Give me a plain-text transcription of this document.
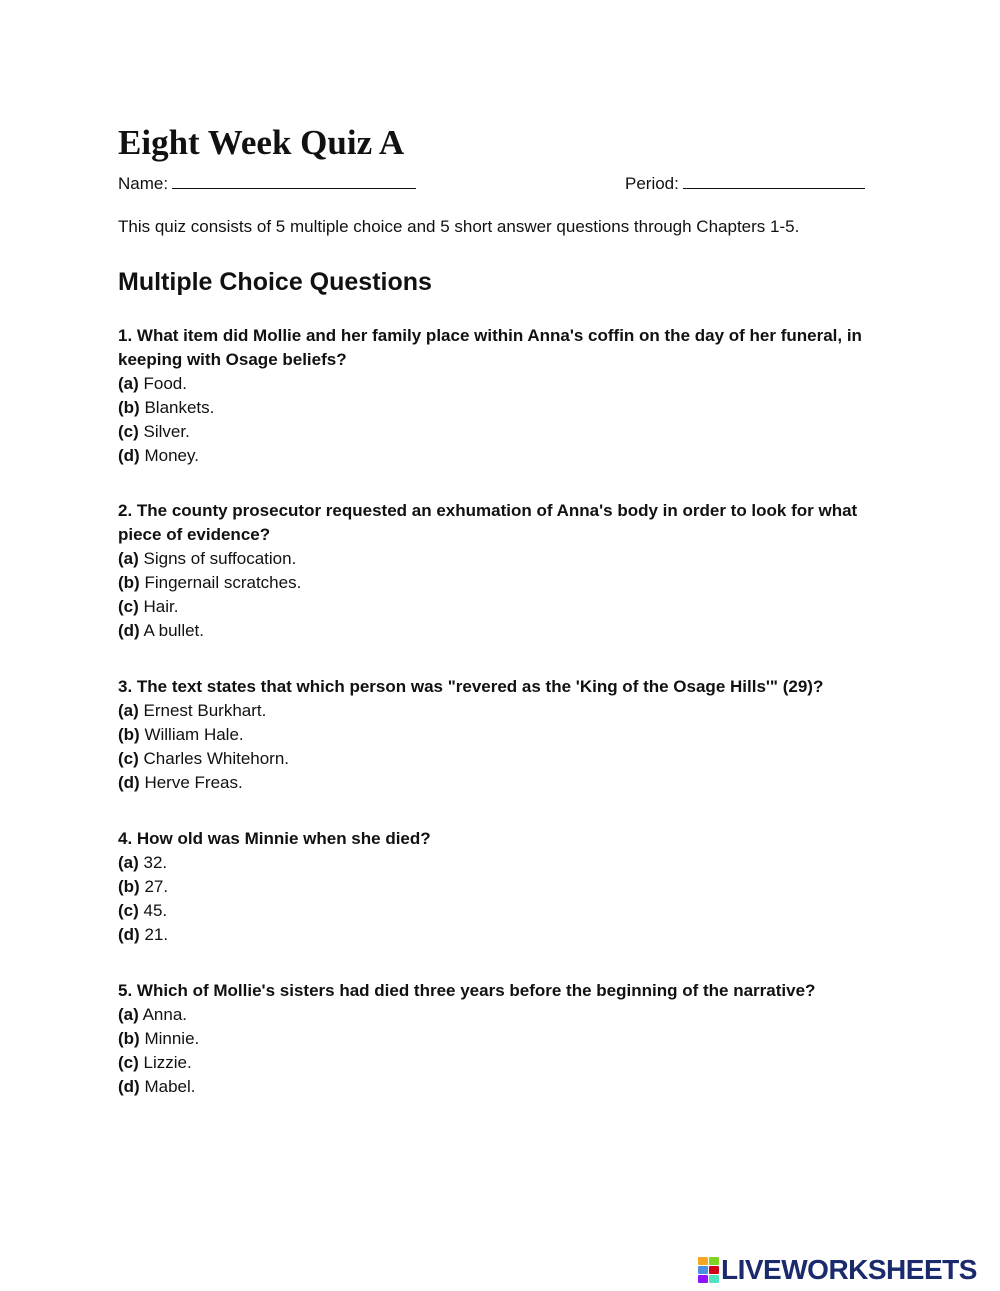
Eight Week Quiz A
Name:	Period:
This quiz consists of 5 multiple choice and 5 short answer questions through Chapters 1-5.
Multiple Choice Questions

1. What item did Mollie and her family place within Anna's coffin on the day of her funeral, in keeping with Osage beliefs?

(a) Food.
(b) Blankets.
(c) Silver.
(d) Money.

2. The county prosecutor requested an exhumation of Anna's body in order to look for what piece of evidence?

(a) Signs of suffocation.
(b) Fingernail scratches.
(c) Hair.
(d) A bullet.

3. The text states that which person was "revered as the 'King of the Osage Hills'" (29)?

(a) Ernest Burkhart.
(b) William Hale.
(c) Charles Whitehorn.
(d) Herve Freas.

4. How old was Minnie when she died?

(a) 32.
(b) 27.
(c) 45.
(d) 21.

5. Which of Mollie's sisters had died three years before the beginning of the narrative?

(a) Anna.
(b) Minnie.
(c) Lizzie.
(d) Mabel.
LIVEWORKSHEETS
